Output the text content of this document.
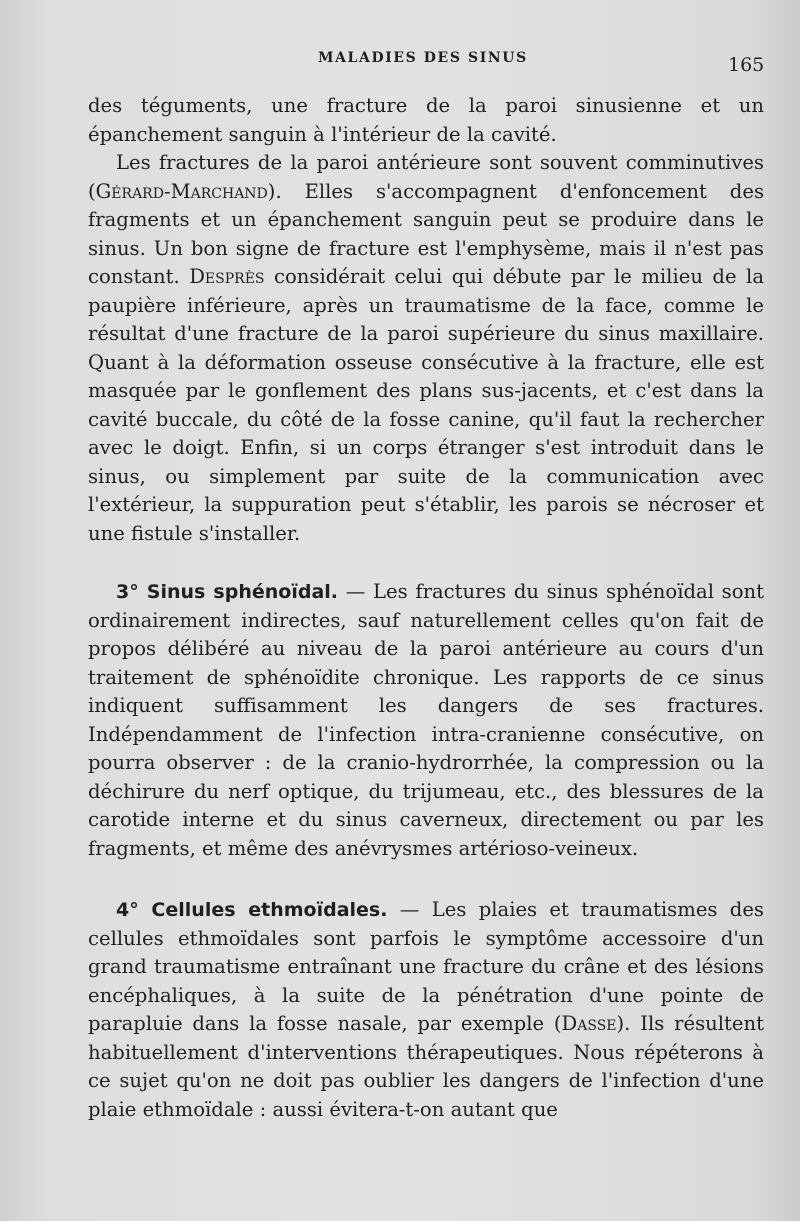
MALADIES DES SINUS	165

des téguments, une fracture de la paroi sinusienne et un épanchement sanguin à l'intérieur de la cavité.

Les fractures de la paroi antérieure sont souvent comminutives (Gérard-Marchand). Elles s'accompagnent d'enfoncement des fragments et un épanchement sanguin peut se produire dans le sinus. Un bon signe de fracture est l'emphysème, mais il n'est pas constant. Desprès considérait celui qui débute par le milieu de la paupière inférieure, après un traumatisme de la face, comme le résultat d'une fracture de la paroi supérieure du sinus maxillaire. Quant à la déformation osseuse consécutive à la fracture, elle est masquée par le gonflement des plans sus-jacents, et c'est dans la cavité buccale, du côté de la fosse canine, qu'il faut la rechercher avec le doigt. Enfin, si un corps étranger s'est introduit dans le sinus, ou simplement par suite de la communication avec l'extérieur, la suppuration peut s'établir, les parois se nécroser et une fistule s'installer.

3° Sinus sphénoïdal. — Les fractures du sinus sphénoïdal sont ordinairement indirectes, sauf naturellement celles qu'on fait de propos délibéré au niveau de la paroi antérieure au cours d'un traitement de sphénoïdite chronique. Les rapports de ce sinus indiquent suffisamment les dangers de ses fractures. Indépendamment de l'infection intra-cranienne consécutive, on pourra observer : de la cranio-hydrorrhée, la compression ou la déchirure du nerf optique, du trijumeau, etc., des blessures de la carotide interne et du sinus caverneux, directement ou par les fragments, et même des anévrysmes artérioso-veineux.

4° Cellules ethmoïdales. — Les plaies et traumatismes des cellules ethmoïdales sont parfois le symptôme accessoire d'un grand traumatisme entraînant une fracture du crâne et des lésions encéphaliques, à la suite de la pénétration d'une pointe de parapluie dans la fosse nasale, par exemple (Dasse). Ils résultent habituellement d'interventions thérapeutiques. Nous répéterons à ce sujet qu'on ne doit pas oublier les dangers de l'infection d'une plaie ethmoïdale : aussi évitera-t-on autant que
